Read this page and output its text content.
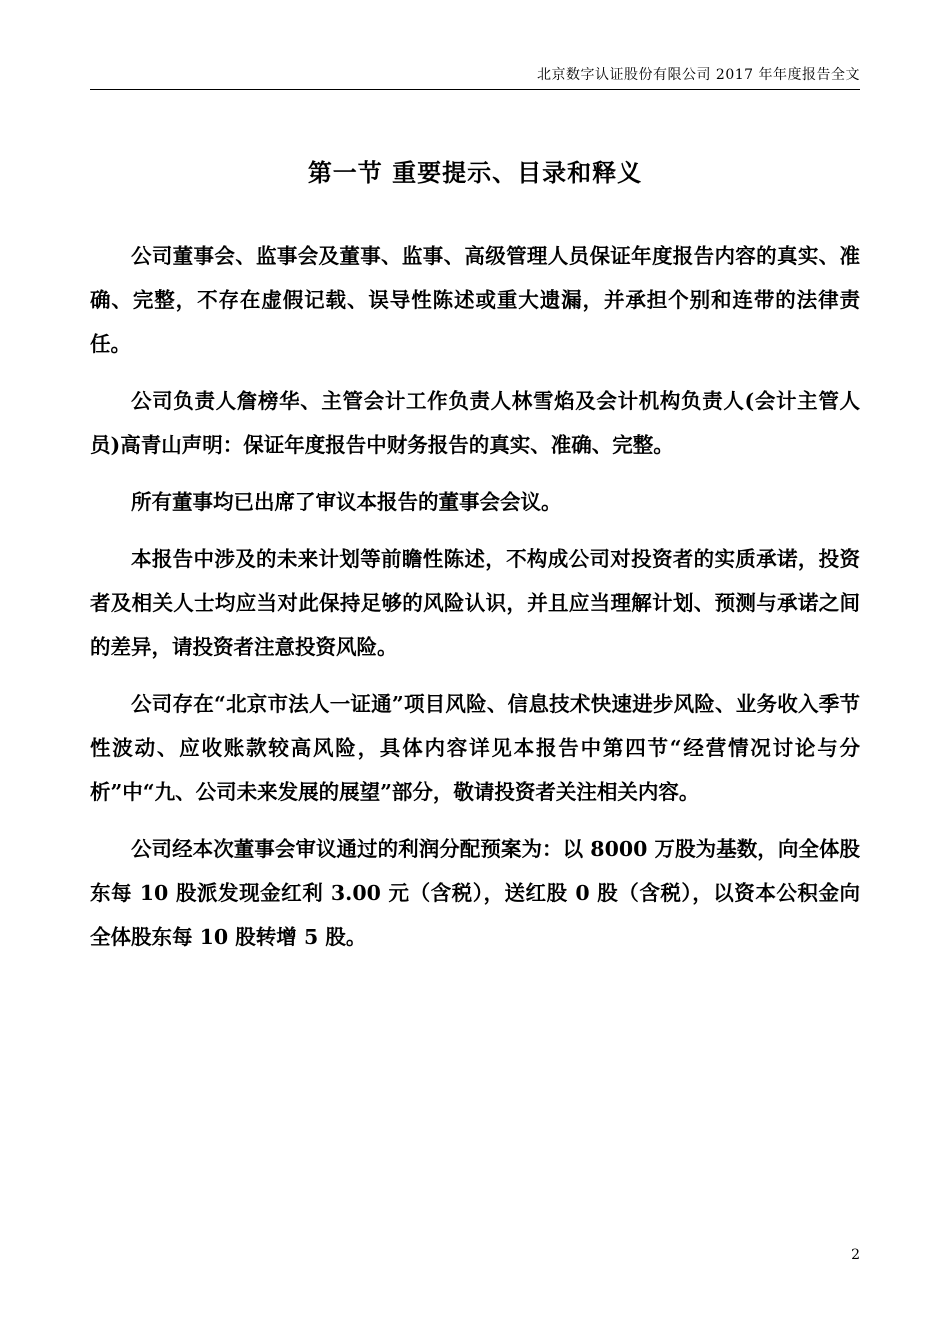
北京数字认证股份有限公司 2017 年年度报告全文
第一节 重要提示、目录和释义

公司董事会、监事会及董事、监事、高级管理人员保证年度报告内容的真实、准确、完整，不存在虚假记载、误导性陈述或重大遗漏，并承担个别和连带的法律责任。

公司负责人詹榜华、主管会计工作负责人林雪焰及会计机构负责人(会计主管人员)高青山声明：保证年度报告中财务报告的真实、准确、完整。

所有董事均已出席了审议本报告的董事会会议。

本报告中涉及的未来计划等前瞻性陈述，不构成公司对投资者的实质承诺，投资者及相关人士均应当对此保持足够的风险认识，并且应当理解计划、预测与承诺之间的差异，请投资者注意投资风险。

公司存在“北京市法人一证通”项目风险、信息技术快速进步风险、业务收入季节性波动、应收账款较高风险，具体内容详见本报告中第四节“经营情况讨论与分析”中“九、公司未来发展的展望”部分，敬请投资者关注相关内容。

公司经本次董事会审议通过的利润分配预案为：以 8000 万股为基数，向全体股东每 10 股派发现金红利 3.00 元（含税），送红股 0 股（含税），以资本公积金向全体股东每 10 股转增 5 股。

2
